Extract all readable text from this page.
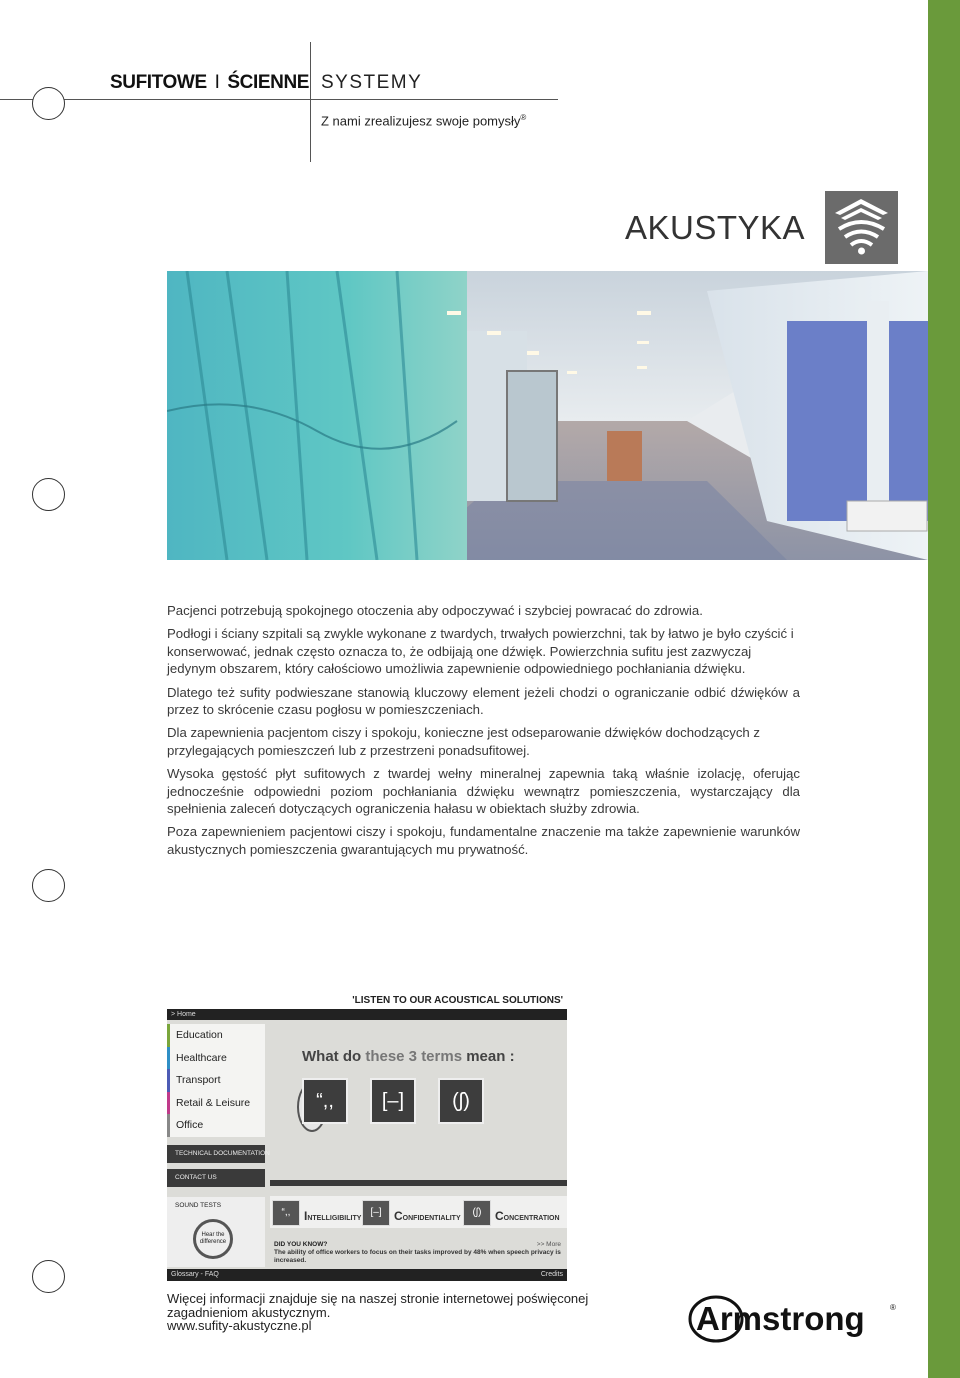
SUFITOWE I ŚCIENNE SYSTEMY
Z nami zrealizujesz swoje pomysły®
AKUSTYKA

Pacjenci potrzebują spokojnego otoczenia aby odpoczywać i szybciej powracać do zdrowia.

Podłogi i ściany szpitali są zwykle wykonane z twardych, trwałych powierzchni, tak by łatwo je było czyścić i konserwować, jednak często oznacza to, że odbijają one dźwięk. Powierzchnia sufitu jest zazwyczaj jedynym obszarem, który całościowo umożliwia zapewnienie odpowiedniego pochłaniania dźwięku.

Dlatego też sufity podwieszane stanowią kluczowy element jeżeli chodzi o ograniczanie odbić dźwięków a przez to skrócenie czasu pogłosu w pomieszczeniach.

Dla zapewnienia pacjentom ciszy i spokoju, konieczne jest odseparowanie dźwięków dochodzących z przylegających pomieszczeń lub z przestrzeni ponadsufitowej.

Wysoka gęstość płyt sufitowych z twardej wełny mineralnej zapewnia taką właśnie izolację, oferując jednocześnie odpowiedni poziom pochłaniania dźwięku wewnątrz pomieszczenia, wystarczający dla spełnienia zaleceń dotyczących ograniczenia hałasu w obiektach służby zdrowia.

Poza zapewnieniem pacjentowi ciszy i spokoju, fundamentalne znaczenie ma także zapewnienie warunków akustycznych pomieszczenia gwarantujących mu prywatność.

'LISTEN TO OUR ACOUSTICAL SOLUTIONS'
> Home
Education
Healthcare
Transport
Retail & Leisure
Office
TECHNICAL DOCUMENTATION
CONTACT US
SOUND TESTS
Hear the difference
What do these 3 terms mean :
“,,	[–]	(ʃ)
“,,	INTELLIGIBILITY
[–]	CONFIDENTIALITY
(ʃ)	CONCENTRATION
DID YOU KNOW?	>> More
The ability of office workers to focus on their tasks improved by 48% when speech privacy is increased.
Glossary - FAQ	Credits
Więcej informacji znajduje się na naszej stronie internetowej poświęconej
zagadnieniom akustycznym.
www.sufity-akustyczne.pl	Armstrong	®
